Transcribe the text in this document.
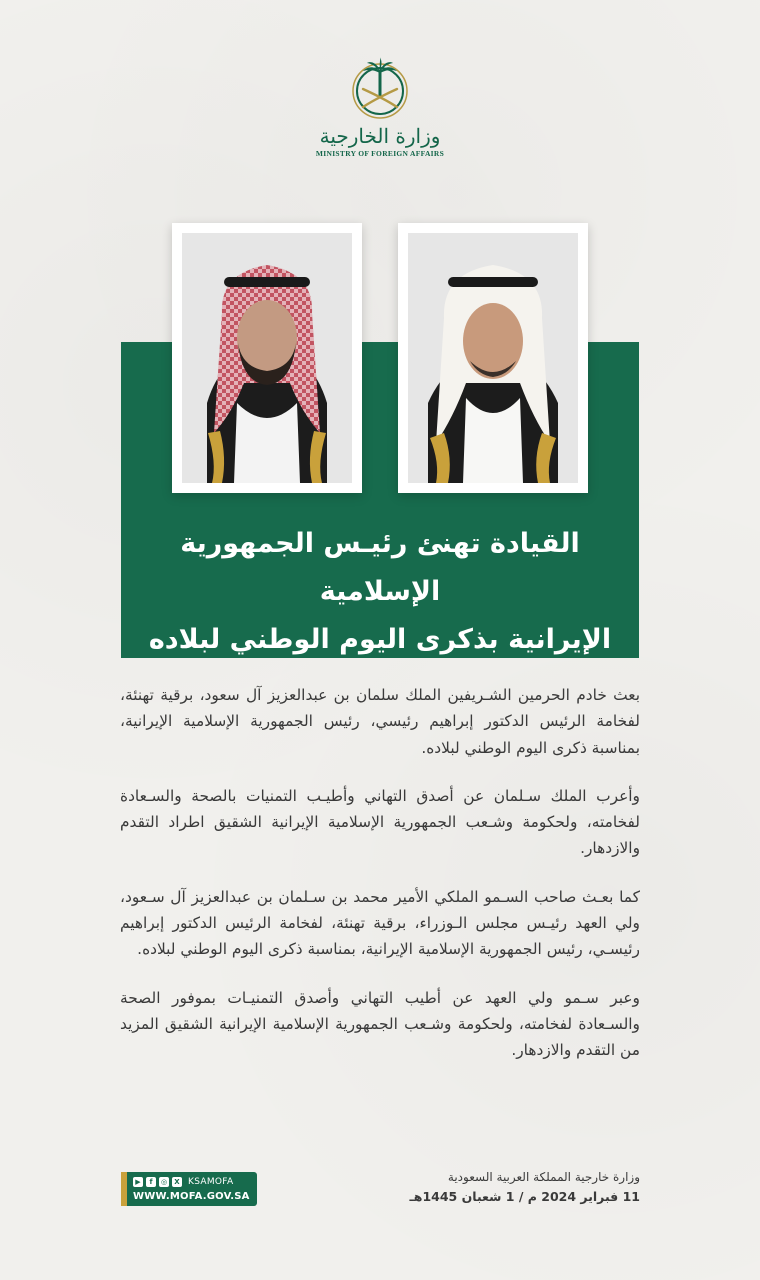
وزارة الخارجية
MINISTRY OF FOREIGN AFFAIRS
القيادة تهنئ رئيـس الجمهورية الإسلامية
الإيرانية بذكرى اليوم الوطني لبلاده

بعث خادم الحرمين الشـريفين الملك سلمان بن عبدالعزيز آل سعود، برقية تهنئة، لفخامة الرئيس الدكتور إبراهيم رئيسي، رئيس الجمهورية الإسلامية الإيرانية، بمناسبة ذكرى اليوم الوطني لبلاده.

وأعرب الملك سـلمان عن أصدق التهاني وأطيـب التمنيات بالصحة والسـعادة لفخامته، ولحكومة وشـعب الجمهورية الإسلامية الإيرانية الشقيق اطراد التقدم والازدهار.

كما بعـث صاحب السـمو الملكي الأمير محمد بن سـلمان بن عبدالعزيز آل سـعود، ولي العهد رئيـس مجلس الـوزراء، برقية تهنئة، لفخامة الرئيس الدكتور إبراهيم رئيسـي، رئيس الجمهورية الإسلامية الإيرانية، بمناسبة ذكرى اليوم الوطني لبلاده.

وعبر سـمو ولي العهد عن أطيب التهاني وأصدق التمنيـات بموفور الصحة والسـعادة لفخامته، ولحكومة وشـعب الجمهورية الإسلامية الإيرانية الشقيق المزيد من التقدم والازدهار.

وزارة خارجية المملكة العربية السعودية
11 فبراير 2024 م / 1 شعبان 1445هـ
▶	f	◎	X KSAMOFA
WWW.MOFA.GOV.SA
